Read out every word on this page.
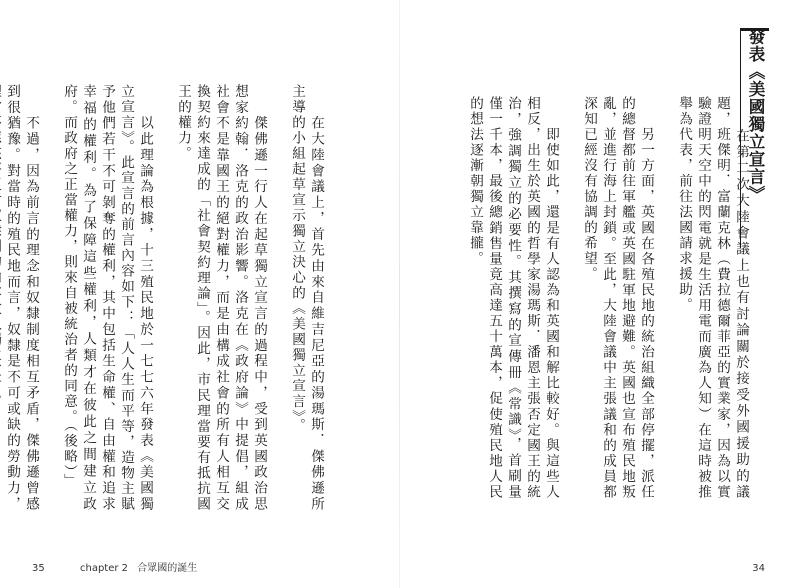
發表《美國獨立宣言》

　　在第二次大陸會議上也有討論關於接受外國援助的議題，班傑明．富蘭克林（費拉德爾菲亞的實業家，因為以實驗證明天空中的閃電就是生活用電而廣為人知）在這時被推舉為代表，前往法國請求援助。

　　另一方面，英國在各殖民地的統治組織全部停擺，派任的總督都前往軍艦或英國駐軍地避難。英國也宣布殖民地叛亂，並進行海上封鎖。至此，大陸會議中主張議和的成員都深知已經沒有協調的希望。

　　即使如此，還是有人認為和英國和解比較好。與這些人相反，出生於英國的哲學家湯瑪斯．潘恩主張否定國王的統治，強調獨立的必要性。其撰寫的宣傳冊《常識》，首刷量僅一千本，最後總銷售量竟高達五十萬本，促使殖民地人民的想法逐漸朝獨立靠攏。

34

　　在大陸會議上，首先由來自維吉尼亞的湯瑪斯．傑佛遜所主導的小組起草宣示獨立決心的《美國獨立宣言》。

　　傑佛遜一行人在起草獨立宣言的過程中，受到英國政治思想家約翰．洛克的政治影響。洛克在《政府論》中提倡，組成社會不是靠國王的絕對權力，而是由構成社會的所有人相互交換契約來達成的「社會契約理論」。因此，市民理當要有抵抗國王的權力。

　　以此理論為根據，十三殖民地於一七七六年發表《美國獨立宣言》。此宣言的前言內容如下：「人人生而平等，造物主賦予他們若干不可剝奪的權利，其中包括生命權、自由權和追求幸福的權利。為了保障這些權利，人類才在彼此之間建立政府。而政府之正當權力，則來自被統治者的同意。（後略）」

　　不過，因為前言的理念和奴隸制度相互矛盾，傑佛遜曾感到很猶豫。對當時的殖民地而言，奴隸是不可或缺的勞動力，

35	chapter 2 合眾國的誕生
